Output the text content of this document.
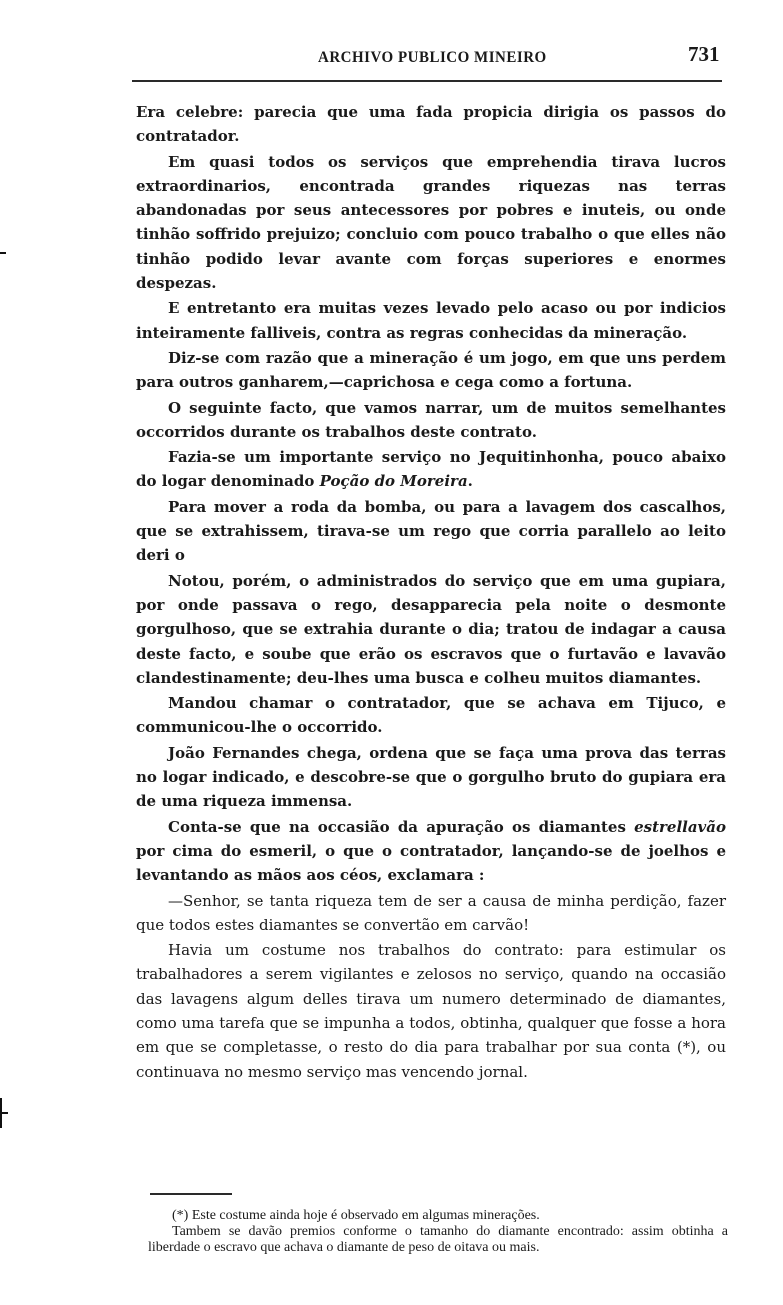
ARCHIVO PUBLICO MINEIRO	731

Era celebre: parecia que uma fada propicia dirigia os passos do contratador.

Em quasi todos os serviços que emprehendia tirava lucros extraordinarios, encontrada grandes riquezas nas terras abandonadas por seus antecessores por pobres e inuteis, ou onde tinhão soffrido prejuizo; concluio com pouco trabalho o que elles não tinhão podido levar avante com forças superiores e enormes despezas.

E entretanto era muitas vezes levado pelo acaso ou por indicios inteiramente falliveis, contra as regras conhecidas da mineração.

Diz-se com razão que a mineração é um jogo, em que uns perdem para outros ganharem,—caprichosa e cega como a fortuna.

O seguinte facto, que vamos narrar, um de muitos semelhantes occorridos durante os trabalhos deste contrato.

Fazia-se um importante serviço no Jequitinhonha, pouco abaixo do logar denominado Poção do Moreira.

Para mover a roda da bomba, ou para a lavagem dos cascalhos, que se extrahissem, tirava-se um rego que corria parallelo ao leito deri o

Notou, porém, o administrados do serviço que em uma gupiara, por onde passava o rego, desapparecia pela noite o desmonte gorgulhoso, que se extrahia durante o dia; tratou de indagar a causa deste facto, e soube que erão os escravos que o furtavão e lavavão clandestinamente; deu-lhes uma busca e colheu muitos diamantes.

Mandou chamar o contratador, que se achava em Tijuco, e communicou-lhe o occorrido.

João Fernandes chega, ordena que se faça uma prova das terras no logar indicado, e descobre-se que o gorgulho bruto do gupiara era de uma riqueza immensa.

Conta-se que na occasião da apuração os diamantes estrellavão por cima do esmeril, o que o contratador, lançando-se de joelhos e levantando as mãos aos céos, exclamara :

—Senhor, se tanta riqueza tem de ser a causa de minha perdição, fazer que todos estes diamantes se convertão em carvão!

Havia um costume nos trabalhos do contrato: para estimular os trabalhadores a serem vigilantes e zelosos no serviço, quando na occasião das lavagens algum delles tirava um numero determinado de diamantes, como uma tarefa que se impunha a todos, obtinha, qualquer que fosse a hora em que se completasse, o resto do dia para trabalhar por sua conta (*), ou continuava no mesmo serviço mas vencendo jornal.

(*) Este costume ainda hoje é observado em algumas minerações.

Tambem se davão premios conforme o tamanho do diamante encontrado: assim obtinha a liberdade o escravo que achava o diamante de peso de oitava ou mais.
